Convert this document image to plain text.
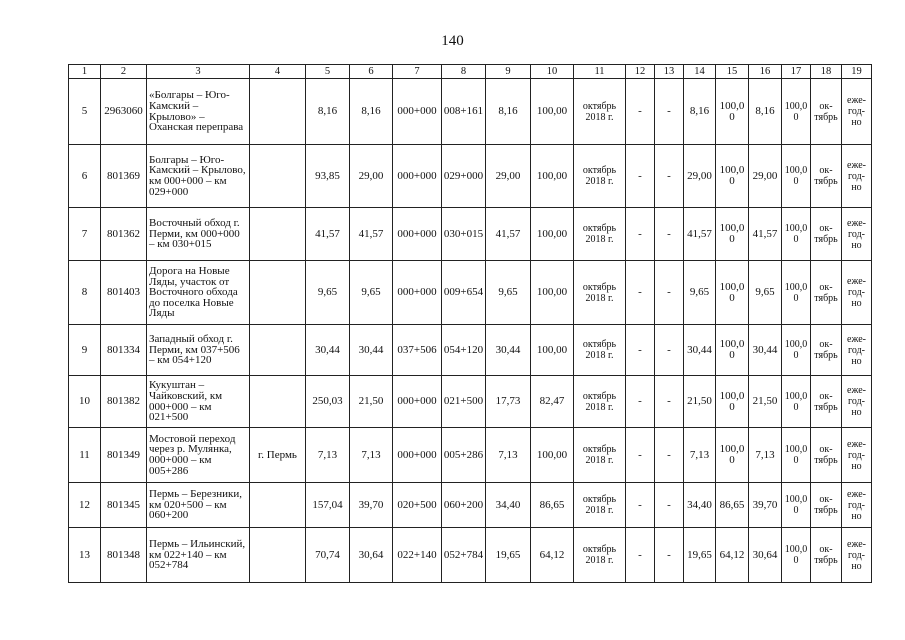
140
1	2	3	4	5	6	7	8	9	10	11	12	13	14	15	16	17	18	19
5	2963060	«Болгары – Юго-Камский – Крылово» – Оханская переправа		8,16	8,16	000+000	008+161	8,16	100,00	октябрь 2018 г.	-	-	8,16	100,00	8,16	100,0 0	ок-тябрь	еже-год-но
6	801369	Болгары – Юго-Камский – Крылово, км 000+000 – км 029+000		93,85	29,00	000+000	029+000	29,00	100,00	октябрь 2018 г.	-	-	29,00	100,00	29,00	100,0 0	ок-тябрь	еже-год-но
7	801362	Восточный обход г. Перми, км 000+000 – км 030+015		41,57	41,57	000+000	030+015	41,57	100,00	октябрь 2018 г.	-	-	41,57	100,00	41,57	100,0 0	ок-тябрь	еже-год-но
8	801403	Дорога на Новые Ляды, участок от Восточного обхода до поселка Новые Ляды		9,65	9,65	000+000	009+654	9,65	100,00	октябрь 2018 г.	-	-	9,65	100,00	9,65	100,0 0	ок-тябрь	еже-год-но
9	801334	Западный обход г. Перми, км 037+506 – км 054+120		30,44	30,44	037+506	054+120	30,44	100,00	октябрь 2018 г.	-	-	30,44	100,00	30,44	100,0 0	ок-тябрь	еже-год-но
10	801382	Кукуштан – Чайковский, км 000+000 – км 021+500		250,03	21,50	000+000	021+500	17,73	82,47	октябрь 2018 г.	-	-	21,50	100,00	21,50	100,0 0	ок-тябрь	еже-год-но
11	801349	Мостовой переход через р. Мулянка, 000+000 – км 005+286	г. Пермь	7,13	7,13	000+000	005+286	7,13	100,00	октябрь 2018 г.	-	-	7,13	100,00	7,13	100,0 0	ок-тябрь	еже-год-но
12	801345	Пермь – Березники, км 020+500 – км 060+200		157,04	39,70	020+500	060+200	34,40	86,65	октябрь 2018 г.	-	-	34,40	86,65	39,70	100,0 0	ок-тябрь	еже-год-но
13	801348	Пермь – Ильинский, км 022+140 – км 052+784		70,74	30,64	022+140	052+784	19,65	64,12	октябрь 2018 г.	-	-	19,65	64,12	30,64	100,0 0	ок-тябрь	еже-год-но
